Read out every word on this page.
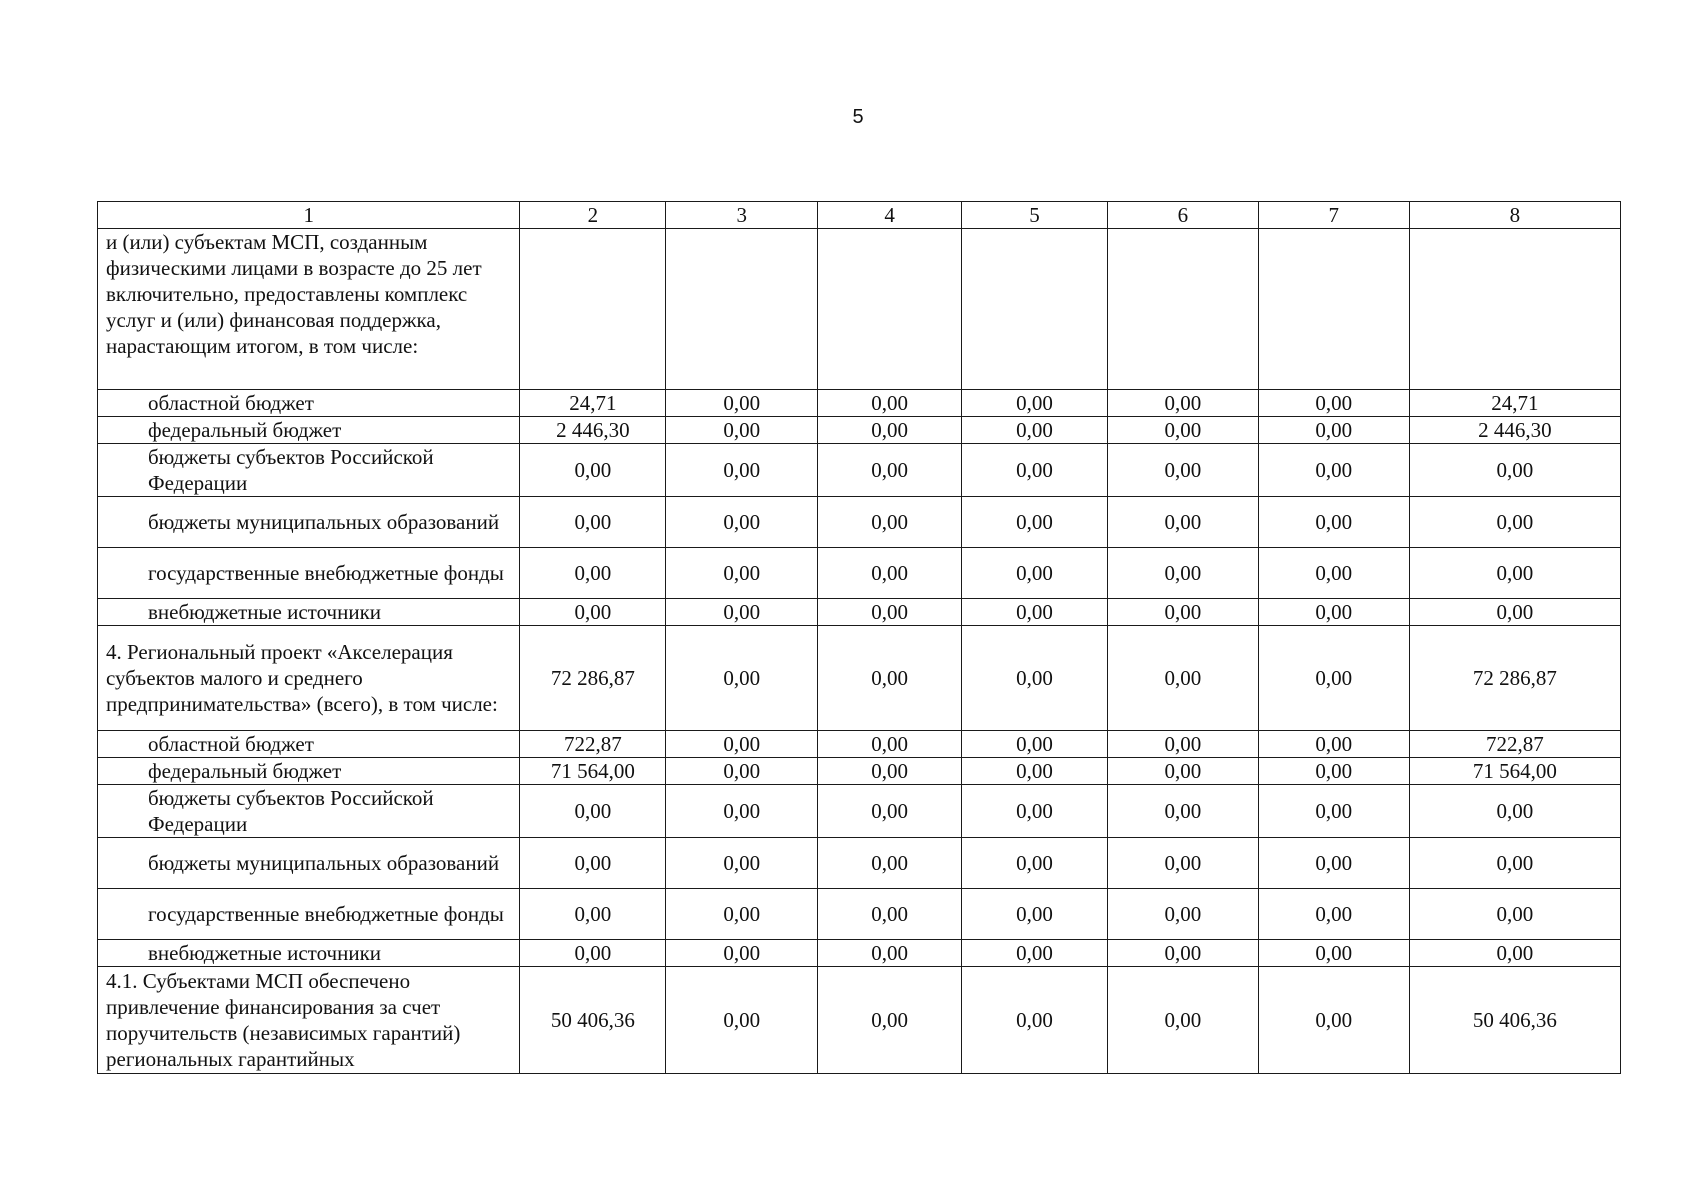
5
1	2	3	4	5	6	7	8
и (или) субъектам МСП, созданным физическими лицами в возрасте до 25 лет включительно, предоставлены комплекс услуг и (или) финансовая поддержка, нарастающим итогом, в том числе:							
областной бюджет	24,71	0,00	0,00	0,00	0,00	0,00	24,71
федеральный бюджет	2 446,30	0,00	0,00	0,00	0,00	0,00	2 446,30
бюджеты субъектов Российской Федерации	0,00	0,00	0,00	0,00	0,00	0,00	0,00
бюджеты муниципальных образований	0,00	0,00	0,00	0,00	0,00	0,00	0,00
государственные внебюджетные фонды	0,00	0,00	0,00	0,00	0,00	0,00	0,00
внебюджетные источники	0,00	0,00	0,00	0,00	0,00	0,00	0,00
4. Региональный проект «Акселерация субъектов малого и среднего предпринимательства» (всего), в том числе:	72 286,87	0,00	0,00	0,00	0,00	0,00	72 286,87
областной бюджет	722,87	0,00	0,00	0,00	0,00	0,00	722,87
федеральный бюджет	71 564,00	0,00	0,00	0,00	0,00	0,00	71 564,00
бюджеты субъектов Российской Федерации	0,00	0,00	0,00	0,00	0,00	0,00	0,00
бюджеты муниципальных образований	0,00	0,00	0,00	0,00	0,00	0,00	0,00
государственные внебюджетные фонды	0,00	0,00	0,00	0,00	0,00	0,00	0,00
внебюджетные источники	0,00	0,00	0,00	0,00	0,00	0,00	0,00
4.1. Субъектами МСП обеспечено привлечение финансирования за счет поручительств (независимых гарантий) региональных гарантийных	50 406,36	0,00	0,00	0,00	0,00	0,00	50 406,36
